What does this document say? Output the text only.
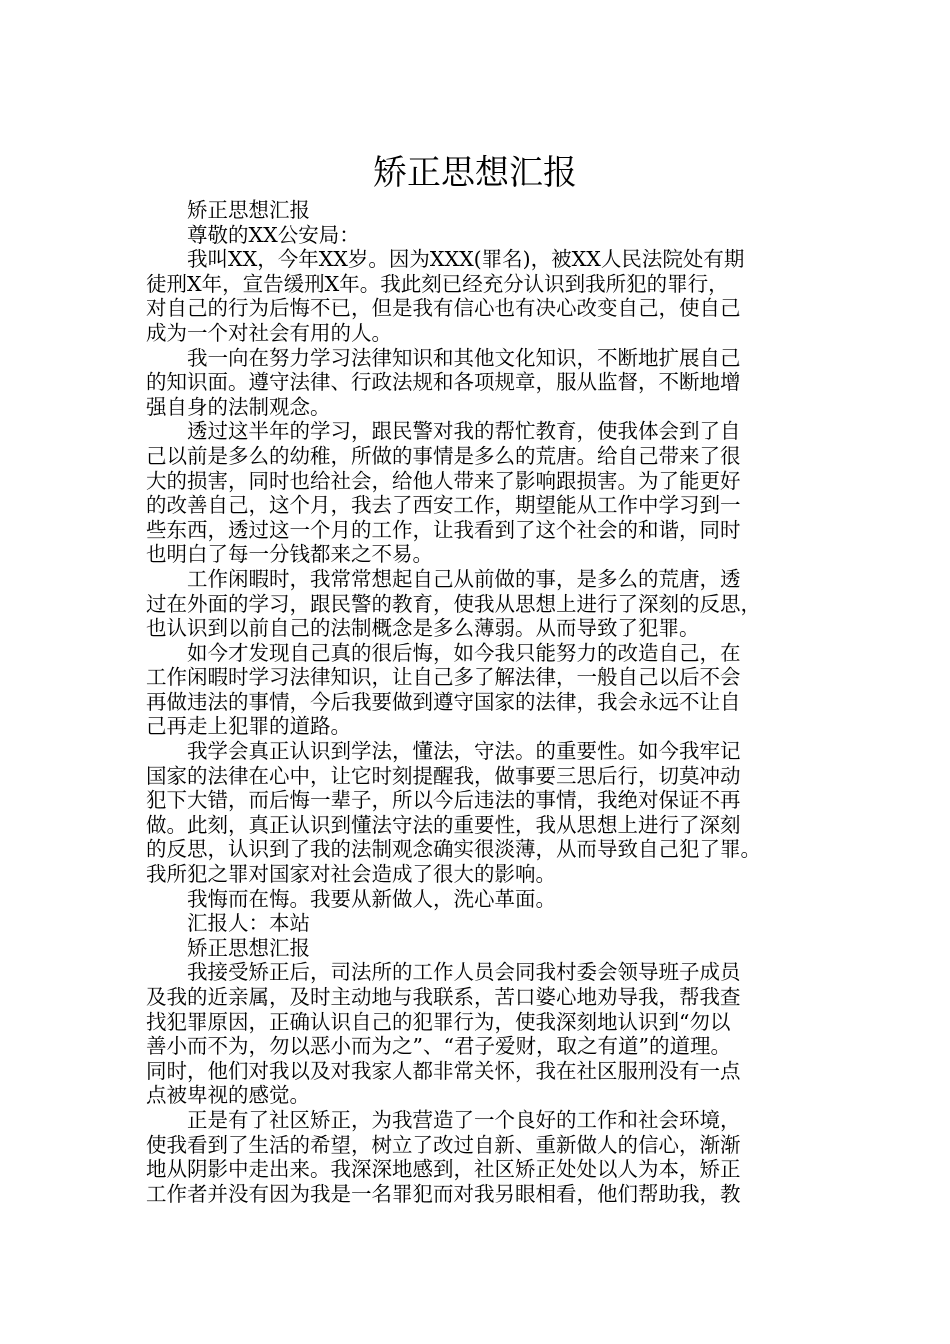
矫正思想汇报

矫正思想汇报

尊敬的XX公安局：

我叫XX，今年XX岁。因为XXX(罪名)，被XX人民法院处有期
徒刑X年，宣告缓刑X年。我此刻已经充分认识到我所犯的罪行，
对自己的行为后悔不已，但是我有信心也有决心改变自己，使自己
成为一个对社会有用的人。

我一向在努力学习法律知识和其他文化知识，不断地扩展自己
的知识面。遵守法律、行政法规和各项规章，服从监督，不断地增
强自身的法制观念。

透过这半年的学习，跟民警对我的帮忙教育，使我体会到了自
己以前是多么的幼稚，所做的事情是多么的荒唐。给自己带来了很
大的损害，同时也给社会，给他人带来了影响跟损害。为了能更好
的改善自己，这个月，我去了西安工作，期望能从工作中学习到一
些东西，透过这一个月的工作，让我看到了这个社会的和谐，同时
也明白了每一分钱都来之不易。

工作闲暇时，我常常想起自己从前做的事，是多么的荒唐，透
过在外面的学习，跟民警的教育，使我从思想上进行了深刻的反思，
也认识到以前自己的法制概念是多么薄弱。从而导致了犯罪。

如今才发现自己真的很后悔，如今我只能努力的改造自己，在
工作闲暇时学习法律知识，让自己多了解法律，一般自己以后不会
再做违法的事情，今后我要做到遵守国家的法律，我会永远不让自
己再走上犯罪的道路。

我学会真正认识到学法，懂法，守法。的重要性。如今我牢记
国家的法律在心中，让它时刻提醒我，做事要三思后行，切莫冲动
犯下大错，而后悔一辈子，所以今后违法的事情，我绝对保证不再
做。此刻，真正认识到懂法守法的重要性，我从思想上进行了深刻
的反思，认识到了我的法制观念确实很淡薄，从而导致自己犯了罪。
我所犯之罪对国家对社会造成了很大的影响。

我悔而在悔。我要从新做人，洗心革面。

汇报人：本站

矫正思想汇报

我接受矫正后，司法所的工作人员会同我村委会领导班子成员
及我的近亲属，及时主动地与我联系，苦口婆心地劝导我，帮我查
找犯罪原因，正确认识自己的犯罪行为，使我深刻地认识到“勿以
善小而不为，勿以恶小而为之”、“君子爱财，取之有道”的道理。
同时，他们对我以及对我家人都非常关怀，我在社区服刑没有一点
点被卑视的感觉。

正是有了社区矫正，为我营造了一个良好的工作和社会环境，
使我看到了生活的希望，树立了改过自新、重新做人的信心，渐渐
地从阴影中走出来。我深深地感到，社区矫正处处以人为本，矫正
工作者并没有因为我是一名罪犯而对我另眼相看，他们帮助我，教
